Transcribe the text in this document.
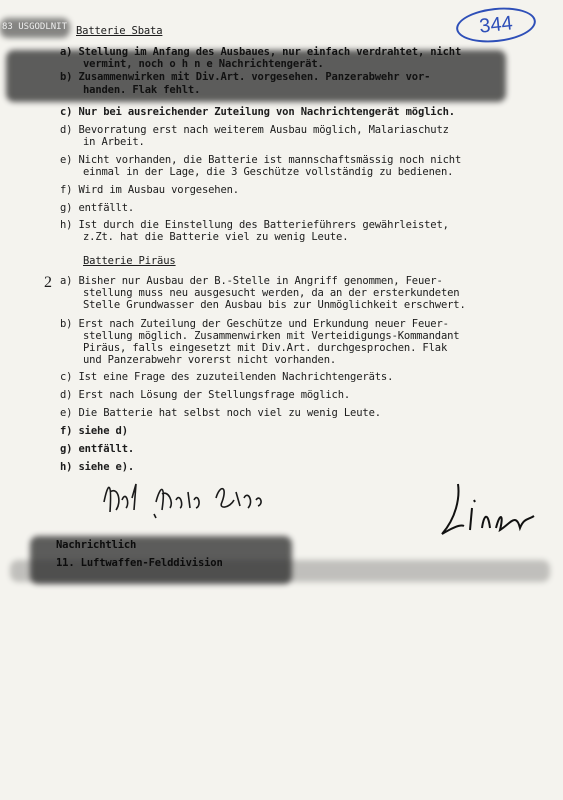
83 USGODLNIT	344
Batterie Sbata
a) Stellung im Anfang des Ausbaues, nur einfach verdrahtet, nicht
vermint, noch o h n e Nachrichtengerät.
b) Zusammenwirken mit Div.Art. vorgesehen. Panzerabwehr vor-
handen. Flak fehlt.
c) Nur bei ausreichender Zuteilung von Nachrichtengerät möglich.
d) Bevorratung erst nach weiterem Ausbau möglich, Malariaschutz
in Arbeit.
e) Nicht vorhanden, die Batterie ist mannschaftsmässig noch nicht
einmal in der Lage, die 3 Geschütze vollständig zu bedienen.
f) Wird im Ausbau vorgesehen.
g) entfällt.
h) Ist durch die Einstellung des Batterieführers gewährleistet,
z.Zt. hat die Batterie viel zu wenig Leute.
Batterie Piräus
2 a) Bisher nur Ausbau der B.-Stelle in Angriff genommen, Feuer-
stellung muss neu ausgesucht werden, da an der ersterkundeten
Stelle Grundwasser den Ausbau bis zur Unmöglichkeit erschwert.
b) Erst nach Zuteilung der Geschütze und Erkundung neuer Feuer-
stellung möglich. Zusammenwirken mit Verteidigungs-Kommandant
Piräus, falls eingesetzt mit Div.Art. durchgesprochen. Flak
und Panzerabwehr vorerst nicht vorhanden.
c) Ist eine Frage des zuzuteilenden Nachrichtengeräts.
d) Erst nach Lösung der Stellungsfrage möglich.
e) Die Batterie hat selbst noch viel zu wenig Leute.
f) siehe d)
g) entfällt.
h) siehe e).
Nachrichtlich
11. Luftwaffen-Felddivision
